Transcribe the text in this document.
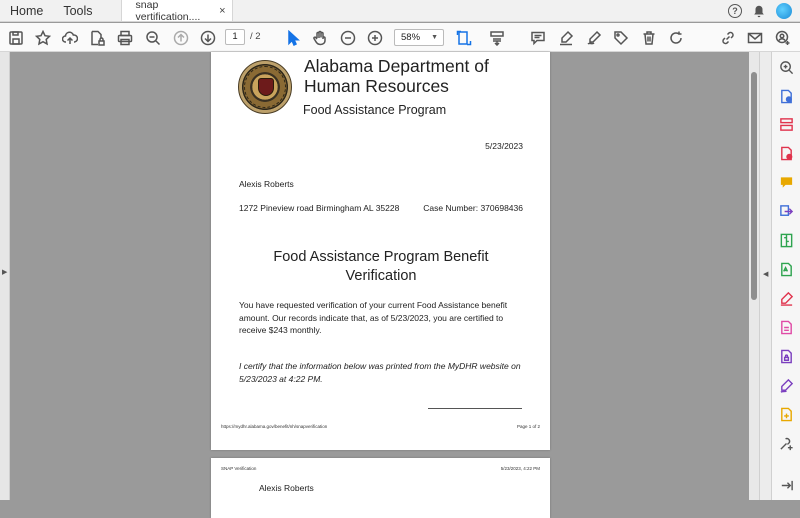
Home	Tools	snap vertification....	×	?
1	/ 2	58% ▼
▶
Alabama Department of
Human Resources
Food Assistance Program
5/23/2023
Alexis Roberts
1272 Pineview road Birmingham AL 35228	Case Number: 370698436
Food Assistance Program Benefit
Verification
You have requested verification of your current Food Assistance benefit amount. Our records indicate that, as of 5/23/2023, you are certified to receive $243 monthly.
I certify that the information below was printed from the MyDHR website on 5/23/2023 at 4:22 PM.
https://mydhr.alabama.gov/benefit/nh/snapverification	Page 1 of 2
SNAP Verification	5/23/2023, 4:22 PM
Alexis Roberts
◀
